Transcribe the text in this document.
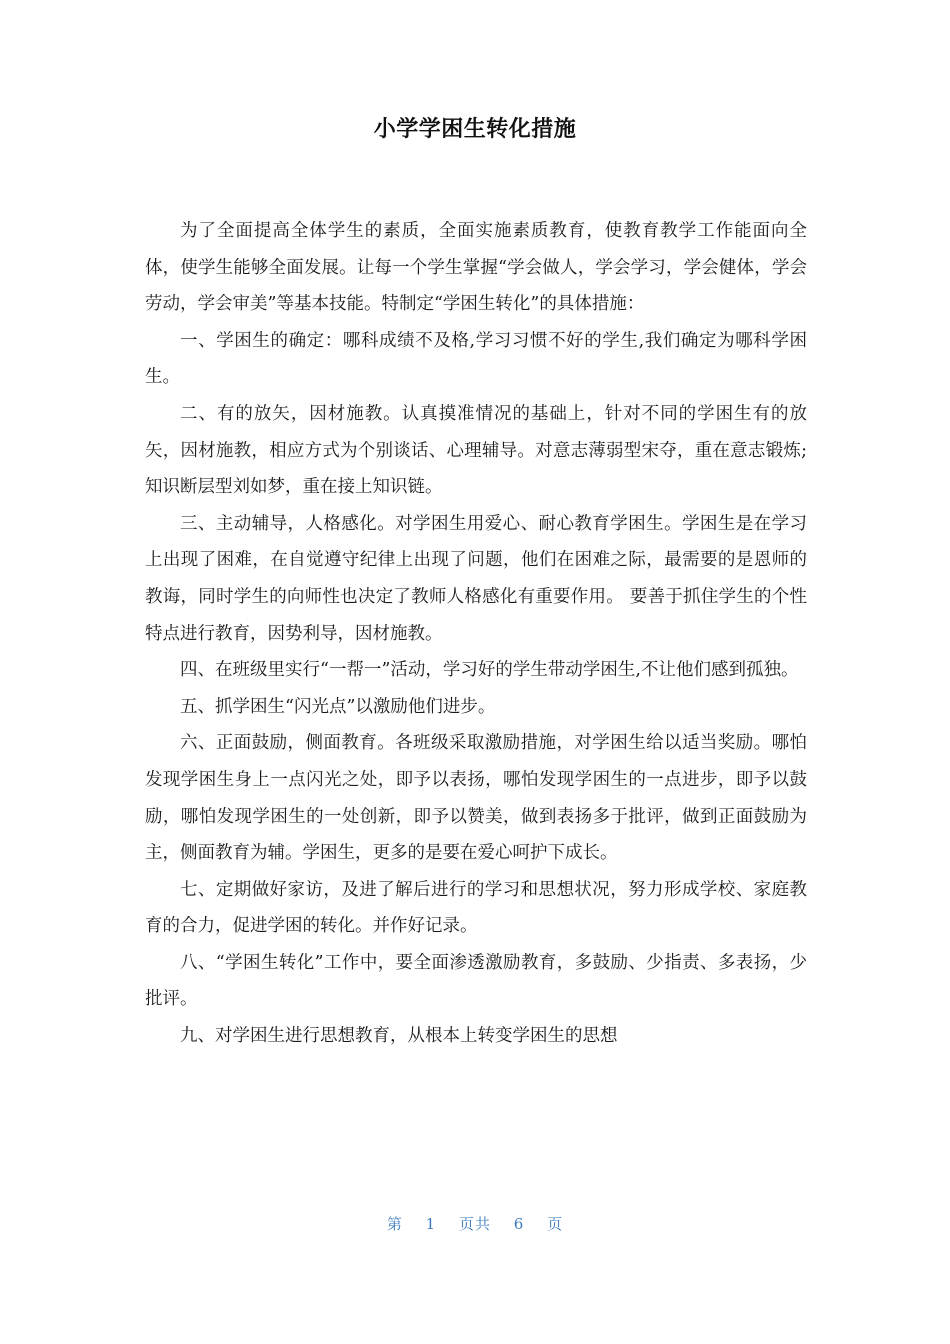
小学学困生转化措施

为了全面提高全体学生的素质，全面实施素质教育，使教育教学工作能面向全体，使学生能够全面发展。让每一个学生掌握“学会做人，学会学习，学会健体，学会劳动，学会审美”等基本技能。特制定“学困生转化”的具体措施：

一、学困生的确定：哪科成绩不及格,学习习惯不好的学生,我们确定为哪科学困生。

二、有的放矢，因材施教。认真摸准情况的基础上，针对不同的学困生有的放矢，因材施教，相应方式为个别谈话、心理辅导。对意志薄弱型宋夺，重在意志锻炼;知识断层型刘如梦，重在接上知识链。

三、主动辅导，人格感化。对学困生用爱心、耐心教育学困生。学困生是在学习上出现了困难，在自觉遵守纪律上出现了问题，他们在困难之际，最需要的是恩师的教诲，同时学生的向师性也决定了教师人格感化有重要作用。 要善于抓住学生的个性特点进行教育，因势利导，因材施教。

四、在班级里实行“一帮一”活动，学习好的学生带动学困生,不让他们感到孤独。

五、抓学困生“闪光点”以激励他们进步。

六、正面鼓励，侧面教育。各班级采取激励措施，对学困生给以适当奖励。哪怕发现学困生身上一点闪光之处，即予以表扬，哪怕发现学困生的一点进步，即予以鼓励，哪怕发现学困生的一处创新，即予以赞美，做到表扬多于批评，做到正面鼓励为主，侧面教育为辅。学困生，更多的是要在爱心呵护下成长。

七、定期做好家访，及进了解后进行的学习和思想状况，努力形成学校、家庭教育的合力，促进学困的转化。并作好记录。

八、“学困生转化”工作中，要全面渗透激励教育，多鼓励、少指责、多表扬，少批评。

九、对学困生进行思想教育，从根本上转变学困生的思想

第 1 页共 6 页
